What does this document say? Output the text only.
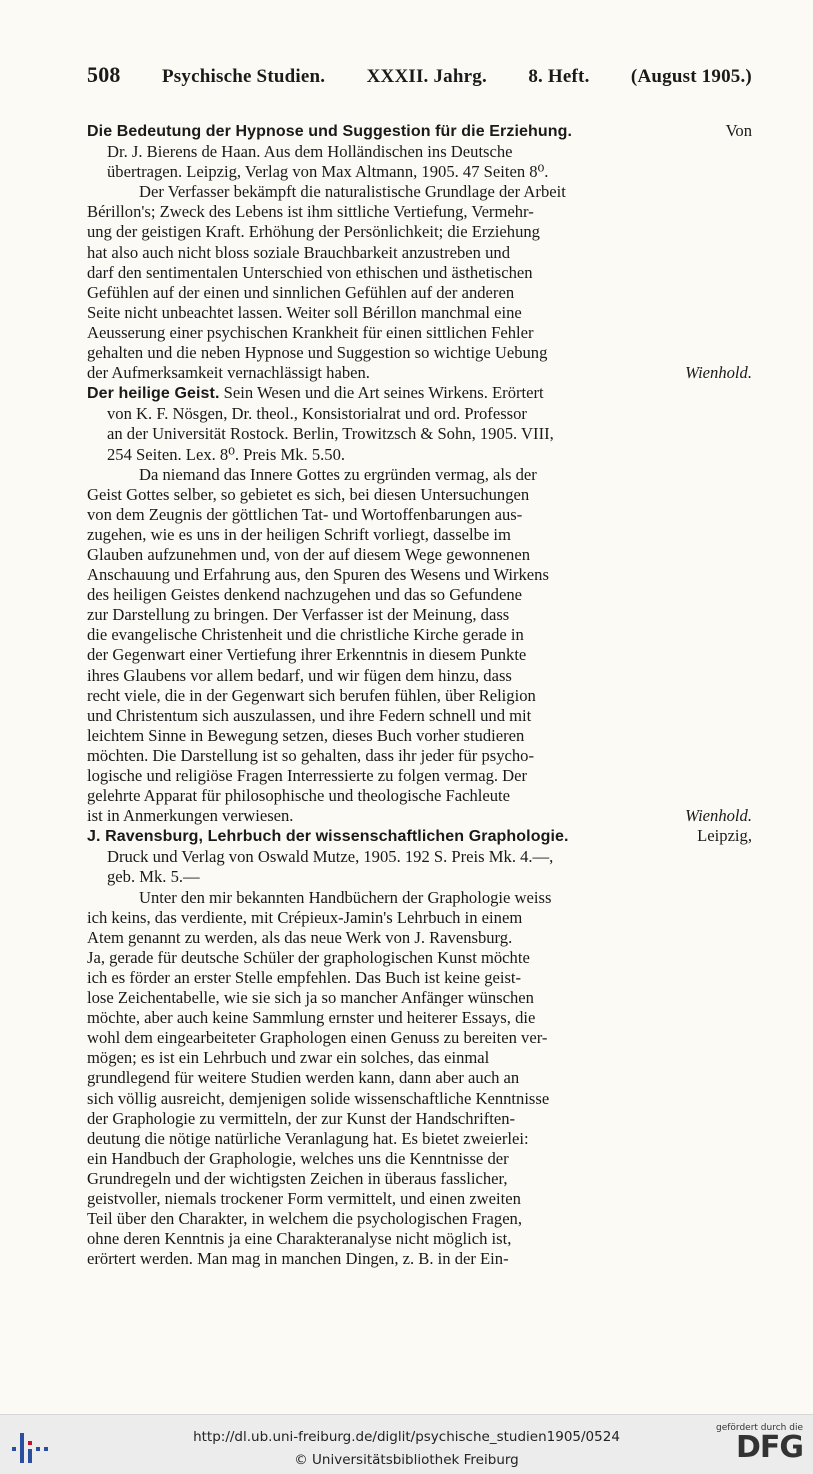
508 Psychische Studien. XXXII. Jahrg. 8. Heft. (August 1905.)

Die Bedeutung der Hypnose und Suggestion für die Erziehung.	Von

Dr. J. Bierens de Haan. Aus dem Holländischen ins Deutsche

übertragen. Leipzig, Verlag von Max Altmann, 1905. 47 Seiten 8⁰.

Der Verfasser bekämpft die naturalistische Grundlage der Arbeit

Bérillon's; Zweck des Lebens ist ihm sittliche Vertiefung, Vermehr-

ung der geistigen Kraft. Erhöhung der Persönlichkeit; die Erziehung

hat also auch nicht bloss soziale Brauchbarkeit anzustreben und

darf den sentimentalen Unterschied von ethischen und ästhetischen

Gefühlen auf der einen und sinnlichen Gefühlen auf der anderen

Seite nicht unbeachtet lassen. Weiter soll Bérillon manchmal eine

Aeusserung einer psychischen Krankheit für einen sittlichen Fehler

gehalten und die neben Hypnose und Suggestion so wichtige Uebung

der Aufmerksamkeit vernachlässigt haben.	Wienhold.

Der heilige Geist. Sein Wesen und die Art seines Wirkens. Erörtert

von K. F. Nösgen, Dr. theol., Konsistorialrat und ord. Professor

an der Universität Rostock. Berlin, Trowitzsch & Sohn, 1905. VIII,

254 Seiten. Lex. 8⁰. Preis Mk. 5.50.

Da niemand das Innere Gottes zu ergründen vermag, als der

Geist Gottes selber, so gebietet es sich, bei diesen Untersuchungen

von dem Zeugnis der göttlichen Tat- und Wortoffenbarungen aus-

zugehen, wie es uns in der heiligen Schrift vorliegt, dasselbe im

Glauben aufzunehmen und, von der auf diesem Wege gewonnenen

Anschauung und Erfahrung aus, den Spuren des Wesens und Wirkens

des heiligen Geistes denkend nachzugehen und das so Gefundene

zur Darstellung zu bringen. Der Verfasser ist der Meinung, dass

die evangelische Christenheit und die christliche Kirche gerade in

der Gegenwart einer Vertiefung ihrer Erkenntnis in diesem Punkte

ihres Glaubens vor allem bedarf, und wir fügen dem hinzu, dass

recht viele, die in der Gegenwart sich berufen fühlen, über Religion

und Christentum sich auszulassen, und ihre Federn schnell und mit

leichtem Sinne in Bewegung setzen, dieses Buch vorher studieren

möchten. Die Darstellung ist so gehalten, dass ihr jeder für psycho-

logische und religiöse Fragen Interressierte zu folgen vermag. Der

gelehrte Apparat für philosophische und theologische Fachleute

ist in Anmerkungen verwiesen.	Wienhold.

J. Ravensburg, Lehrbuch der wissenschaftlichen Graphologie.	Leipzig,

Druck und Verlag von Oswald Mutze, 1905. 192 S. Preis Mk. 4.—,

geb. Mk. 5.—

Unter den mir bekannten Handbüchern der Graphologie weiss

ich keins, das verdiente, mit Crépieux-Jamin's Lehrbuch in einem

Atem genannt zu werden, als das neue Werk von J. Ravensburg.

Ja, gerade für deutsche Schüler der graphologischen Kunst möchte

ich es förder an erster Stelle empfehlen. Das Buch ist keine geist-

lose Zeichentabelle, wie sie sich ja so mancher Anfänger wünschen

möchte, aber auch keine Sammlung ernster und heiterer Essays, die

wohl dem eingearbeiteter Graphologen einen Genuss zu bereiten ver-

mögen; es ist ein Lehrbuch und zwar ein solches, das einmal

grundlegend für weitere Studien werden kann, dann aber auch an

sich völlig ausreicht, demjenigen solide wissenschaftliche Kenntnisse

der Graphologie zu vermitteln, der zur Kunst der Handschriften-

deutung die nötige natürliche Veranlagung hat. Es bietet zweierlei:

ein Handbuch der Graphologie, welches uns die Kenntnisse der

Grundregeln und der wichtigsten Zeichen in überaus fasslicher,

geistvoller, niemals trockener Form vermittelt, und einen zweiten

Teil über den Charakter, in welchem die psychologischen Fragen,

ohne deren Kenntnis ja eine Charakteranalyse nicht möglich ist,

erörtert werden. Man mag in manchen Dingen, z. B. in der Ein-

http://dl.ub.uni-freiburg.de/diglit/psychische_studien1905/0524
© Universitätsbibliothek Freiburg
gefördert durch die
DFG
